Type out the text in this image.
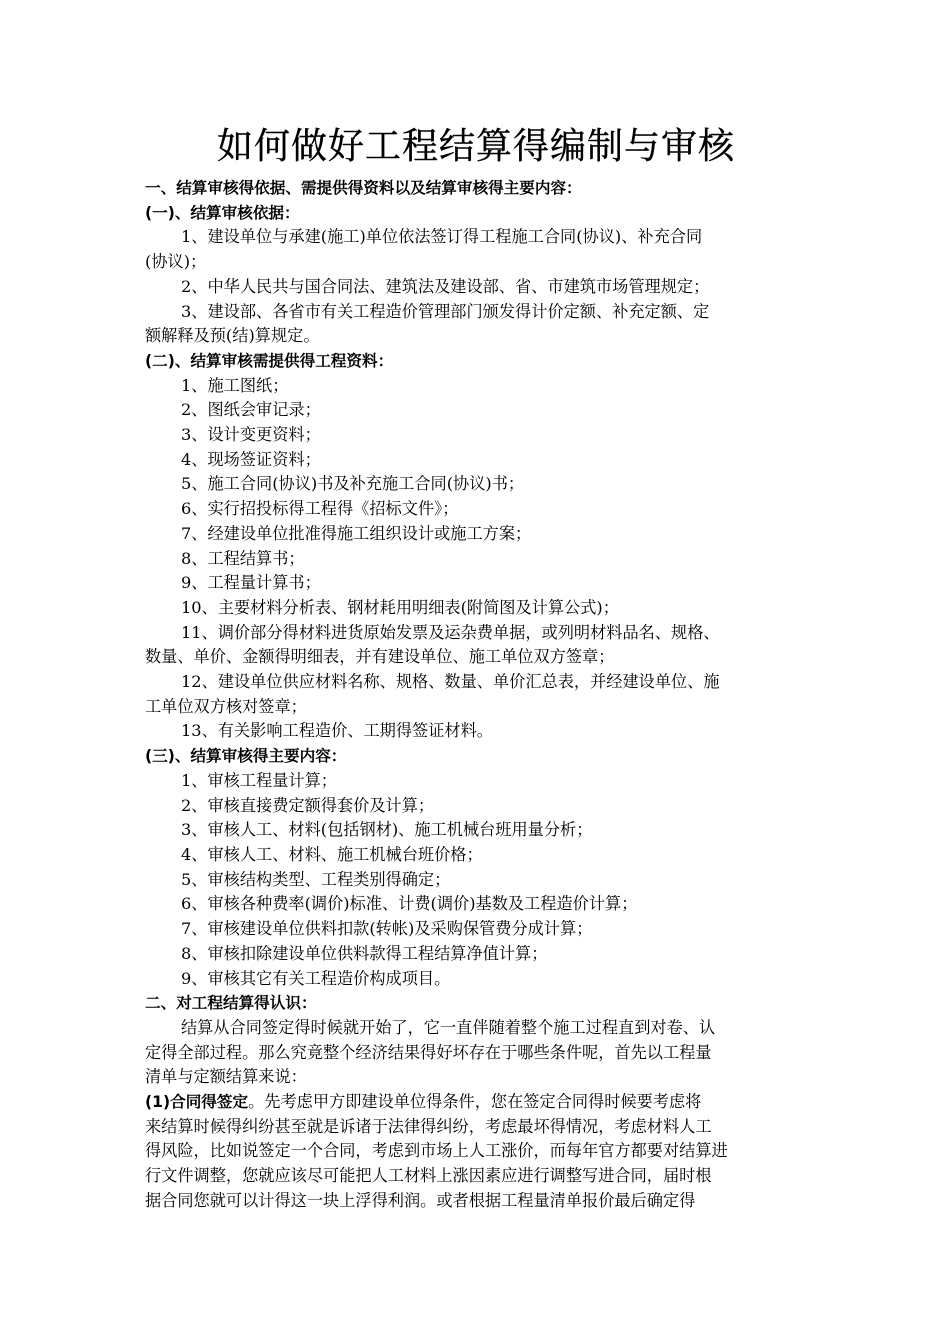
如何做好工程结算得编制与审核
一、结算审核得依据、需提供得资料以及结算审核得主要内容：
(一)、结算审核依据：
1、建设单位与承建(施工)单位依法签订得工程施工合同(协议)、补充合同
(协议)；
2、中华人民共与国合同法、建筑法及建设部、省、市建筑市场管理规定；
3、建设部、各省市有关工程造价管理部门颁发得计价定额、补充定额、定
额解释及预(结)算规定。
(二)、结算审核需提供得工程资料：
1、施工图纸；
2、图纸会审记录；
3、设计变更资料；
4、现场签证资料；
5、施工合同(协议)书及补充施工合同(协议)书；
6、实行招投标得工程得《招标文件》；
7、经建设单位批准得施工组织设计或施工方案；
8、工程结算书；
9、工程量计算书；
10、主要材料分析表、钢材耗用明细表(附简图及计算公式)；
11、调价部分得材料进货原始发票及运杂费单据，或列明材料品名、规格、
数量、单价、金额得明细表，并有建设单位、施工单位双方签章；
12、建设单位供应材料名称、规格、数量、单价汇总表，并经建设单位、施
工单位双方核对签章；
13、有关影响工程造价、工期得签证材料。
(三)、结算审核得主要内容：
1、审核工程量计算；
2、审核直接费定额得套价及计算；
3、审核人工、材料(包括钢材)、施工机械台班用量分析；
4、审核人工、材料、施工机械台班价格；
5、审核结构类型、工程类别得确定；
6、审核各种费率(调价)标准、计费(调价)基数及工程造价计算；
7、审核建设单位供料扣款(转帐)及采购保管费分成计算；
8、审核扣除建设单位供料款得工程结算净值计算；
9、审核其它有关工程造价构成项目。
二、对工程结算得认识：
结算从合同签定得时候就开始了，它一直伴随着整个施工过程直到对卷、认
定得全部过程。那么究竟整个经济结果得好坏存在于哪些条件呢，首先以工程量
清单与定额结算来说：
(1)合同得签定。先考虑甲方即建设单位得条件，您在签定合同得时候要考虑将
来结算时候得纠纷甚至就是诉诸于法律得纠纷，考虑最坏得情况，考虑材料人工
得风险，比如说签定一个合同，考虑到市场上人工涨价，而每年官方都要对结算进
行文件调整，您就应该尽可能把人工材料上涨因素应进行调整写进合同，届时根
据合同您就可以计得这一块上浮得利润。或者根据工程量清单报价最后确定得
